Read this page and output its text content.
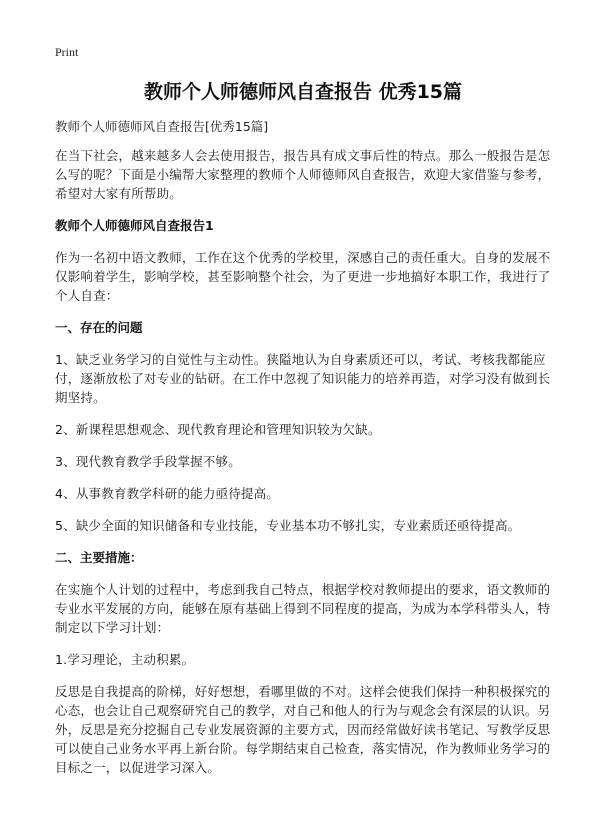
Print
教师个人师德师风自查报告 优秀15篇
教师个人师德师风自查报告[优秀15篇]

在当下社会，越来越多人会去使用报告，报告具有成文事后性的特点。那么一般报告是怎么写的呢？下面是小编帮大家整理的教师个人师德师风自查报告，欢迎大家借鉴与参考，希望对大家有所帮助。

教师个人师德师风自查报告1

作为一名初中语文教师，工作在这个优秀的学校里，深感自己的责任重大。自身的发展不仅影响着学生，影响学校，甚至影响整个社会，为了更进一步地搞好本职工作，我进行了个人自查：

一、存在的问题

1、缺乏业务学习的自觉性与主动性。狭隘地认为自身素质还可以，考试、考核我都能应付，逐渐放松了对专业的钻研。在工作中忽视了知识能力的培养再造，对学习没有做到长期坚持。

2、新课程思想观念、现代教育理论和管理知识较为欠缺。

3、现代教育教学手段掌握不够。

4、从事教育教学科研的能力亟待提高。

5、缺少全面的知识储备和专业技能，专业基本功不够扎实，专业素质还亟待提高。

二、主要措施：

在实施个人计划的过程中，考虑到我自己特点，根据学校对教师提出的要求，语文教师的专业水平发展的方向，能够在原有基础上得到不同程度的提高，为成为本学科带头人，特制定以下学习计划：

1.学习理论，主动积累。

反思是自我提高的阶梯，好好想想，看哪里做的不对。这样会使我们保持一种积极探究的心态，也会让自己观察研究自己的教学，对自己和他人的行为与观念会有深层的认识。另外，反思是充分挖掘自己专业发展资源的主要方式，因而经常做好读书笔记、写教学反思可以使自己业务水平再上新台阶。每学期结束自己检查，落实情况，作为教师业务学习的目标之一，以促进学习深入。
